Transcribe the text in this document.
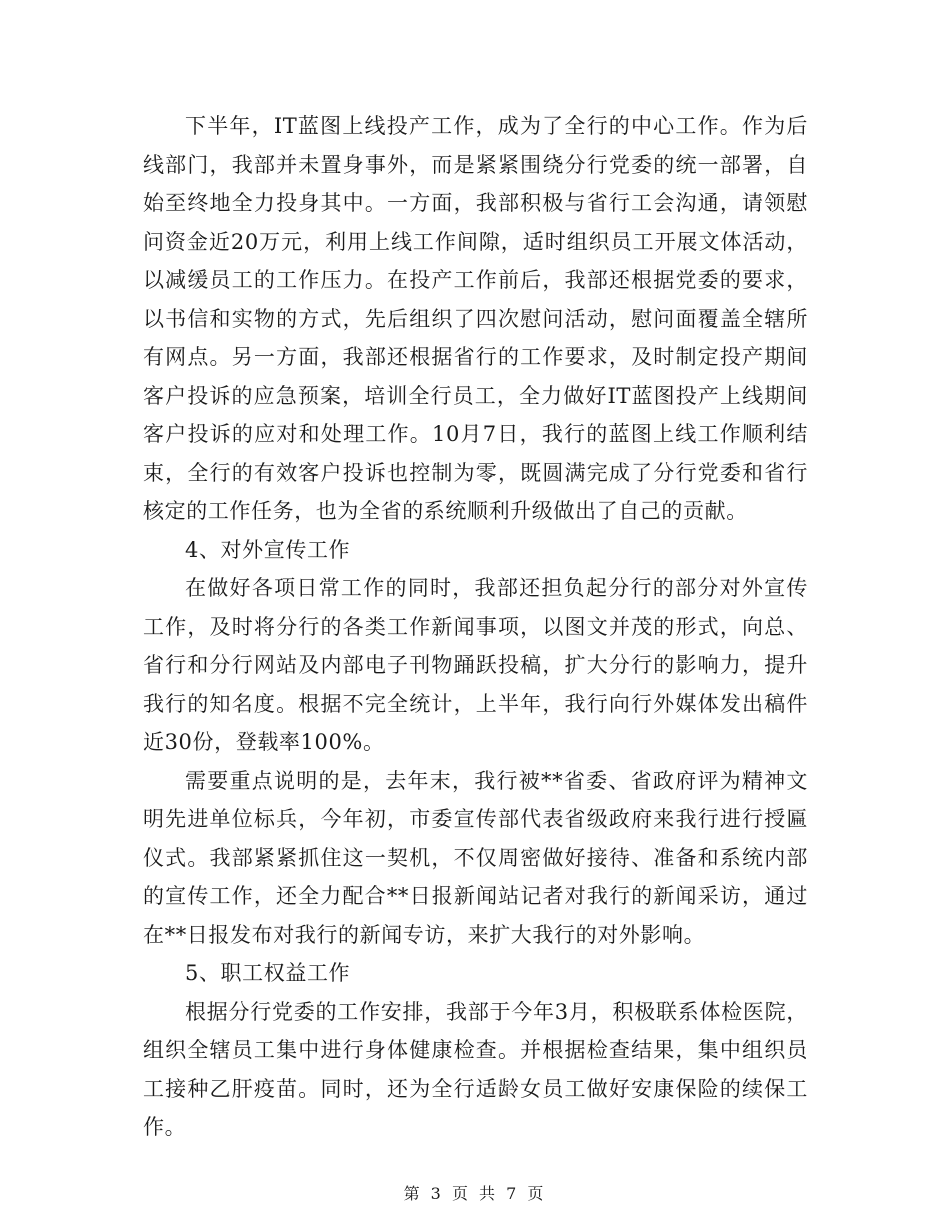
下半年，IT蓝图上线投产工作，成为了全行的中心工作。作为后线部门，我部并未置身事外，而是紧紧围绕分行党委的统一部署，自始至终地全力投身其中。一方面，我部积极与省行工会沟通，请领慰问资金近20万元，利用上线工作间隙，适时组织员工开展文体活动，以减缓员工的工作压力。在投产工作前后，我部还根据党委的要求，以书信和实物的方式，先后组织了四次慰问活动，慰问面覆盖全辖所有网点。另一方面，我部还根据省行的工作要求，及时制定投产期间客户投诉的应急预案，培训全行员工，全力做好IT蓝图投产上线期间客户投诉的应对和处理工作。10月7日，我行的蓝图上线工作顺利结束，全行的有效客户投诉也控制为零，既圆满完成了分行党委和省行核定的工作任务，也为全省的系统顺利升级做出了自己的贡献。

4、对外宣传工作

在做好各项日常工作的同时，我部还担负起分行的部分对外宣传工作，及时将分行的各类工作新闻事项，以图文并茂的形式，向总、省行和分行网站及内部电子刊物踊跃投稿，扩大分行的影响力，提升我行的知名度。根据不完全统计，上半年，我行向行外媒体发出稿件近30份，登载率100%。

需要重点说明的是，去年末，我行被**省委、省政府评为精神文明先进单位标兵，今年初，市委宣传部代表省级政府来我行进行授匾仪式。我部紧紧抓住这一契机，不仅周密做好接待、准备和系统内部的宣传工作，还全力配合**日报新闻站记者对我行的新闻采访，通过在**日报发布对我行的新闻专访，来扩大我行的对外影响。

5、职工权益工作

根据分行党委的工作安排，我部于今年3月，积极联系体检医院，组织全辖员工集中进行身体健康检查。并根据检查结果，集中组织员工接种乙肝疫苗。同时，还为全行适龄女员工做好安康保险的续保工作。

第 3 页 共 7 页
